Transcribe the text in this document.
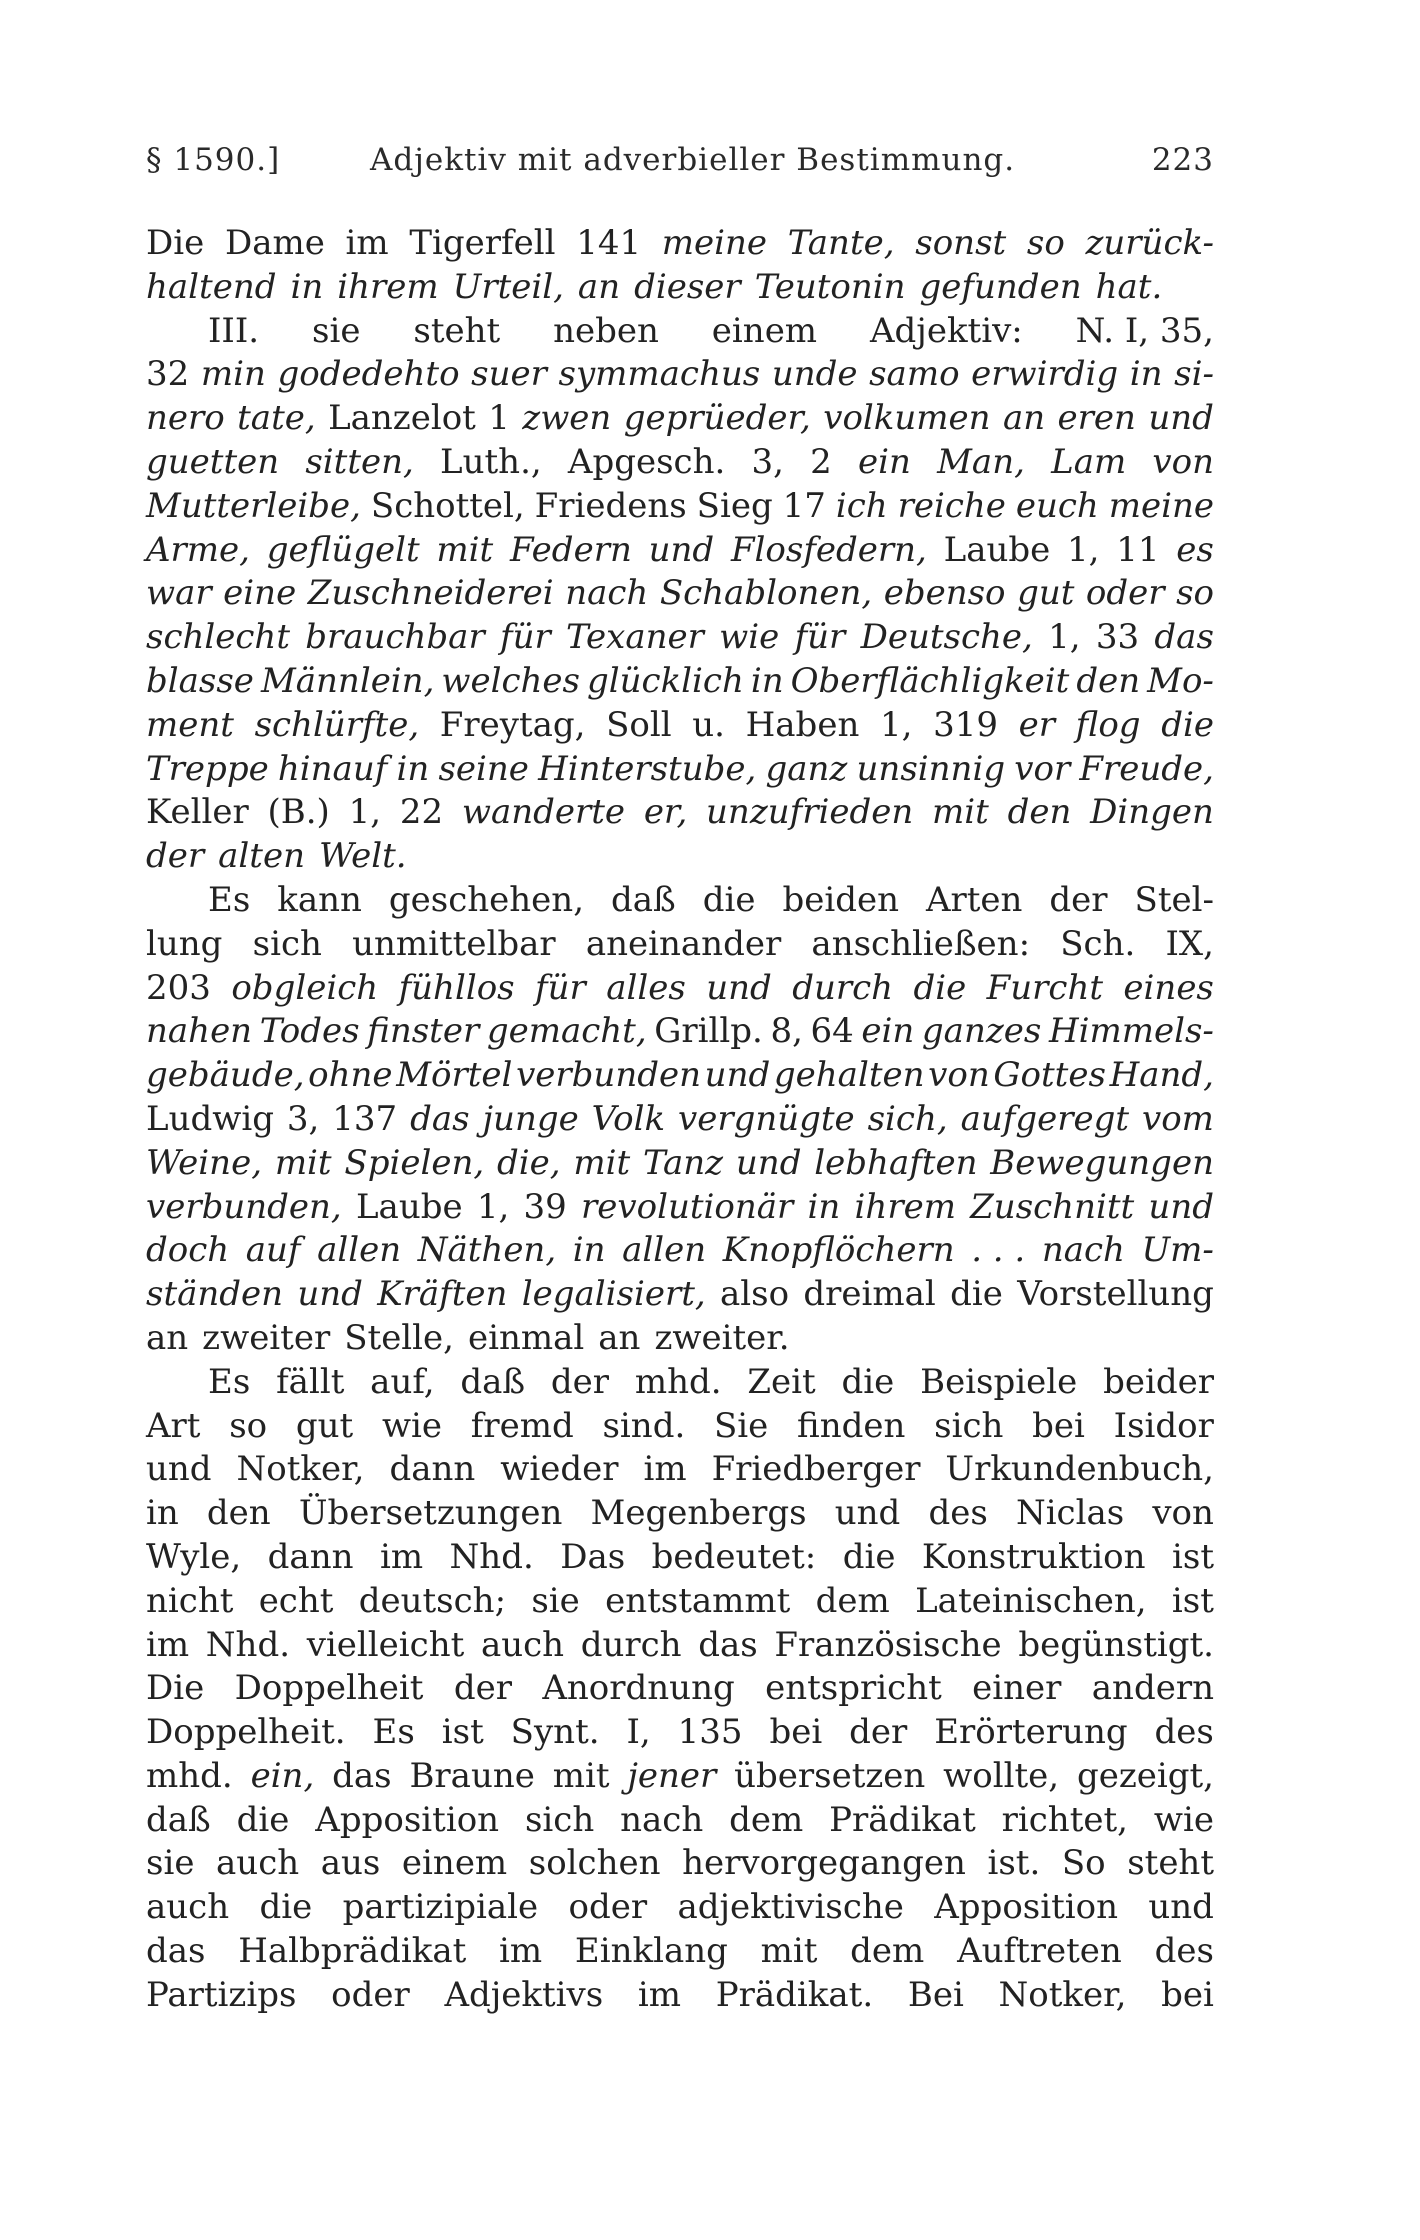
§ 1590.]	Adjektiv mit adverbieller Bestimmung.	223
Die Dame im Tigerfell 141 meine Tante, sonst so zurück-
haltend in ihrem Urteil, an dieser Teutonin gefunden hat.
III. sie steht neben einem Adjektiv: N. I, 35,
32 min godedehto suer symmachus unde samo erwirdig in si-
nero tate, Lanzelot 1 zwen geprüeder, volkumen an eren und
guetten sitten, Luth., Apgesch. 3, 2 ein Man, Lam von
Mutterleibe, Schottel, Friedens Sieg 17 ich reiche euch meine
Arme, geflügelt mit Federn und Flosfedern, Laube 1, 11 es
war eine Zuschneiderei nach Schablonen, ebenso gut oder so
schlecht brauchbar für Texaner wie für Deutsche, 1, 33 das
blasse Männlein, welches glücklich in Oberflächligkeit den Mo-
ment schlürfte, Freytag, Soll u. Haben 1, 319 er flog die
Treppe hinauf in seine Hinterstube, ganz unsinnig vor Freude,
Keller (B.) 1, 22 wanderte er, unzufrieden mit den Dingen
der alten Welt.
Es kann geschehen, daß die beiden Arten der Stel-
lung sich unmittelbar aneinander anschließen: Sch. IX,
203 obgleich fühllos für alles und durch die Furcht eines
nahen Todes finster gemacht, Grillp. 8, 64 ein ganzes Himmels-
gebäude, ohne Mörtel verbunden und gehalten von Gottes Hand,
Ludwig 3, 137 das junge Volk vergnügte sich, aufgeregt vom
Weine, mit Spielen, die, mit Tanz und lebhaften Bewegungen
verbunden, Laube 1, 39 revolutionär in ihrem Zuschnitt und
doch auf allen Näthen, in allen Knopflöchern . . . nach Um-
ständen und Kräften legalisiert, also dreimal die Vorstellung
an zweiter Stelle, einmal an zweiter.
Es fällt auf, daß der mhd. Zeit die Beispiele beider
Art so gut wie fremd sind. Sie finden sich bei Isidor
und Notker, dann wieder im Friedberger Urkundenbuch,
in den Übersetzungen Megenbergs und des Niclas von
Wyle, dann im Nhd. Das bedeutet: die Konstruktion ist
nicht echt deutsch; sie entstammt dem Lateinischen, ist
im Nhd. vielleicht auch durch das Französische begünstigt.
Die Doppelheit der Anordnung entspricht einer andern
Doppelheit. Es ist Synt. I, 135 bei der Erörterung des
mhd. ein, das Braune mit jener übersetzen wollte, gezeigt,
daß die Apposition sich nach dem Prädikat richtet, wie
sie auch aus einem solchen hervorgegangen ist. So steht
auch die partizipiale oder adjektivische Apposition und
das Halbprädikat im Einklang mit dem Auftreten des
Partizips oder Adjektivs im Prädikat. Bei Notker, bei
